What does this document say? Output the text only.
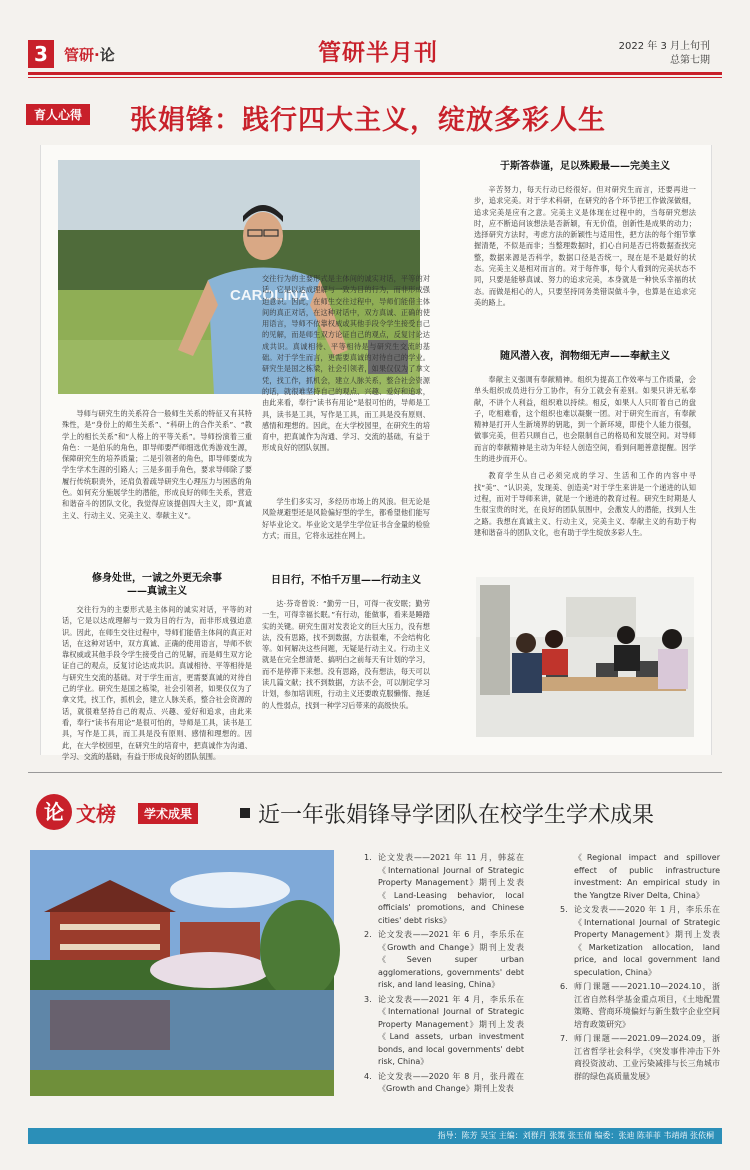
3	管研·论	管研半月刊	2022 年 3 月上旬刊
总第七期
育人心得 张娟锋：践行四大主义，绽放多彩人生
CAROLINA

导师与研究生的关系符合一般师生关系的特征又有其特殊性，是“身份上的师生关系”、“科研上的合作关系”、“教学上的相长关系”和“人格上的平等关系”。导师扮演着三重角色：一是伯乐的角色，即导师要严师细选优秀游戏生源，保障研究生的培养质量；二是引领者的角色，即导师要成为学生学术生涯的引路人；三是多面手角色，要求导师除了要履行传统职责外，还肩负着疏导研究生心理压力与困惑的角色。如何充分施展学生的潜能，形成良好的师生关系，营造和谐奋斗的团队文化，我觉得应该提倡四大主义，即“真诚主义、行动主义、完美主义、奉献主义”。

修身处世，一诚之外更无余事
——真诚主义

交往行为的主要形式是主体间的诚实对话，平等的对话，它是以达成理解与一致为目的行为，而非形成强迫意识。因此，在师生交往过程中，导师们能借主体间的真正对话，在这种对话中，双方真诚、正确的使用语言，导师不依靠权威或其他手段令学生接受自己的见解，而是师生双方论证自己的观点，反复讨论达成共识。真诚相待、平等相待是与研究生交流的基础。对于学生而言，更需要真诚的对待自己的学业。研究生是国之栋梁，社会引领者，如果仅仅为了拿文凭，找工作，抓机会，建立人脉关系，整合社会资源的话，就很难坚持自己的观点、兴趣、爱好和追求，由此来看，奉行“读书有用论”是很可怕的，导师是工具，读书是工具，写作是工具，而工具是没有原则、感情和理想的。因此，在大学校园里，在研究生的培育中，把真诚作为沟通、学习、交流的基础，有益于形成良好的团队氛围。

交往行为的主要形式是主体间的诚实对话，平等的对话，它是以达成理解与一致为目的行为，而非形成强迫意识。因此，在师生交往过程中，导师们能借主体间的真正对话，在这种对话中，双方真诚、正确的使用语言，导师不依靠权威或其他手段令学生接受自己的见解，而是师生双方论证自己的观点，反复讨论达成共识。真诚相待、平等相待是与研究生交流的基础。对于学生而言，更需要真诚的对待自己的学业。研究生是国之栋梁，社会引领者，如果仅仅为了拿文凭，找工作，抓机会，建立人脉关系，整合社会资源的话，就很难坚持自己的观点、兴趣、爱好和追求，由此来看，奉行“读书有用论”是很可怕的，导师是工具，读书是工具，写作是工具，而工具是没有原则、感情和理想的。因此，在大学校园里，在研究生的培育中，把真诚作为沟通、学习、交流的基础，有益于形成良好的团队氛围。

学生们多实习，多经历市场上的风浪。但无论是风险规避型还是风险偏好型的学生，都希望他们能写好毕业论文。毕业论文是学生学位证书含金量的检验方式；而且，它将永远挂在网上。

日日行，不怕千万里——行动主义

达·芬奇曾说：“勤劳一日，可得一夜安眠；勤劳一生，可得幸福长眠。”有行动，能做事，看来是睡踏实的关键。研究生面对发表论文的巨大压力，没有想法，没有思路，找不到数据，方法很难，不会结构化等。如何解决这些问题，无疑是行动主义。行动主义就是在完全想清楚、搞明白之前每天有计划的学习，而不是停滞下来想。没有思路，没有想法，每天可以读几篇文献；找不到数据，方法不会，可以制定学习计划，参加培训班，行动主义还要敢克服懒惰、拖延的人性弱点，找到一种学习后带来的高级快乐。

于斯答恭谨，足以殊殿最——完美主义

辛苦努力，每天行动已经很好。但对研究生而言，还要再进一步，追求完美。对于学术科研，在研究的各个环节把工作做深做细，追求完美是应有之意。完美主义是体现在过程中的，当每研究想法时，应不断追问该想法是否新颖，有无价值，创新性是成果的动力；选择研究方法时，考虑方法的新颖性与适用性，把方法的每个细节掌握清楚，不似是而非；当整理数据时，扪心自问是否已将数据查找完整，数据来源是否科学，数据口径是否统一，现在是不是最好的状态。完美主义是相对而言的。对于每件事，每个人看到的完美状态不同，只要是能够真诚、努力的追求完美，本身就是一种快乐幸福的状态。而做是相心的人，只要坚持同务类错误做斗争，也算是在追求完美的路上。

随风潜入夜，润物细无声——奉献主义

奉献主义强调有奉献精神。组织为提高工作效率与工作质量，会单头组织成员进行分工协作，有分工就会有差别。如果只讲无私奉献，不讲个人利益，组织难以持续。相反，如果人人只盯着自己的盘子，吃相难看，这个组织也难以凝聚一团。对于研究生而言，有奉献精神是打开人生新境界的钥匙，到一个新环境，即使个人能力很强，做事完美，但若只顾自己，也会限制自己的格局和发展空间。对导师而言的奉献精神是主动为年轻人创造空间，看到问题善意提醒。因学生的进步而开心。

教育学生从自己必须完成的学习、生活和工作的内容中寻找“美”、“认识美，发现美、创造美”对于学生来讲是一个递进的认知过程，而对于导师来讲，就是一个递进的教育过程。研究生时期是人生很宝贵的时光，在良好的团队氛围中，会激发人的潜能，找到人生之路。我想在真诚主义、行动主义，完美主义、奉献主义的有助于构建和谐奋斗的团队文化，也有助于学生绽放多彩人生。

论 文榜	学术成果	近一年张娟锋导学团队在校学生学术成果
1. 论文发表——2021 年 11 月，韩蕊在《International Journal of Strategic Property Management》期刊上发表《Land-Leasing behavior, local officials' promotions, and Chinese cities' debt risks》
2. 论文发表——2021 年 6 月，李乐乐在《Growth and Change》期刊上发表《Seven super urban agglomerations, governments' debt risk, and land leasing, China》
3. 论文发表——2021 年 4 月，李乐乐在《International Journal of Strategic Property Management》期刊上发表《Land assets, urban investment bonds, and local governments' debt risk, China》
4. 论文发表——2020 年 8 月，张丹霞在《Growth and Change》期刊上发表
《Regional impact and spillover effect of public infrastructure investment: An empirical study in the Yangtze River Delta, China》
5. 论文发表——2020 年 1 月，李乐乐在《International Journal of Strategic Property Management》期刊上发表《Marketization allocation, land price, and local government land speculation, China》
6. 师门课题——2021.10—2024.10，浙江省自然科学基金重点项目，《土地配置策略、营商环境偏好与新生数字企业空间培育政策研究》
7. 师门课题——2021.09—2024.09，浙江省哲学社会科学，《突发事件冲击下外商投资波动、工业污染减排与长三角城市群的绿色高质量发展》
指导：陈芳 吴宝 主编：刘群月 张策 张玉倩 编委：张迪 陈菲菲 韦靖靖 张依桐
